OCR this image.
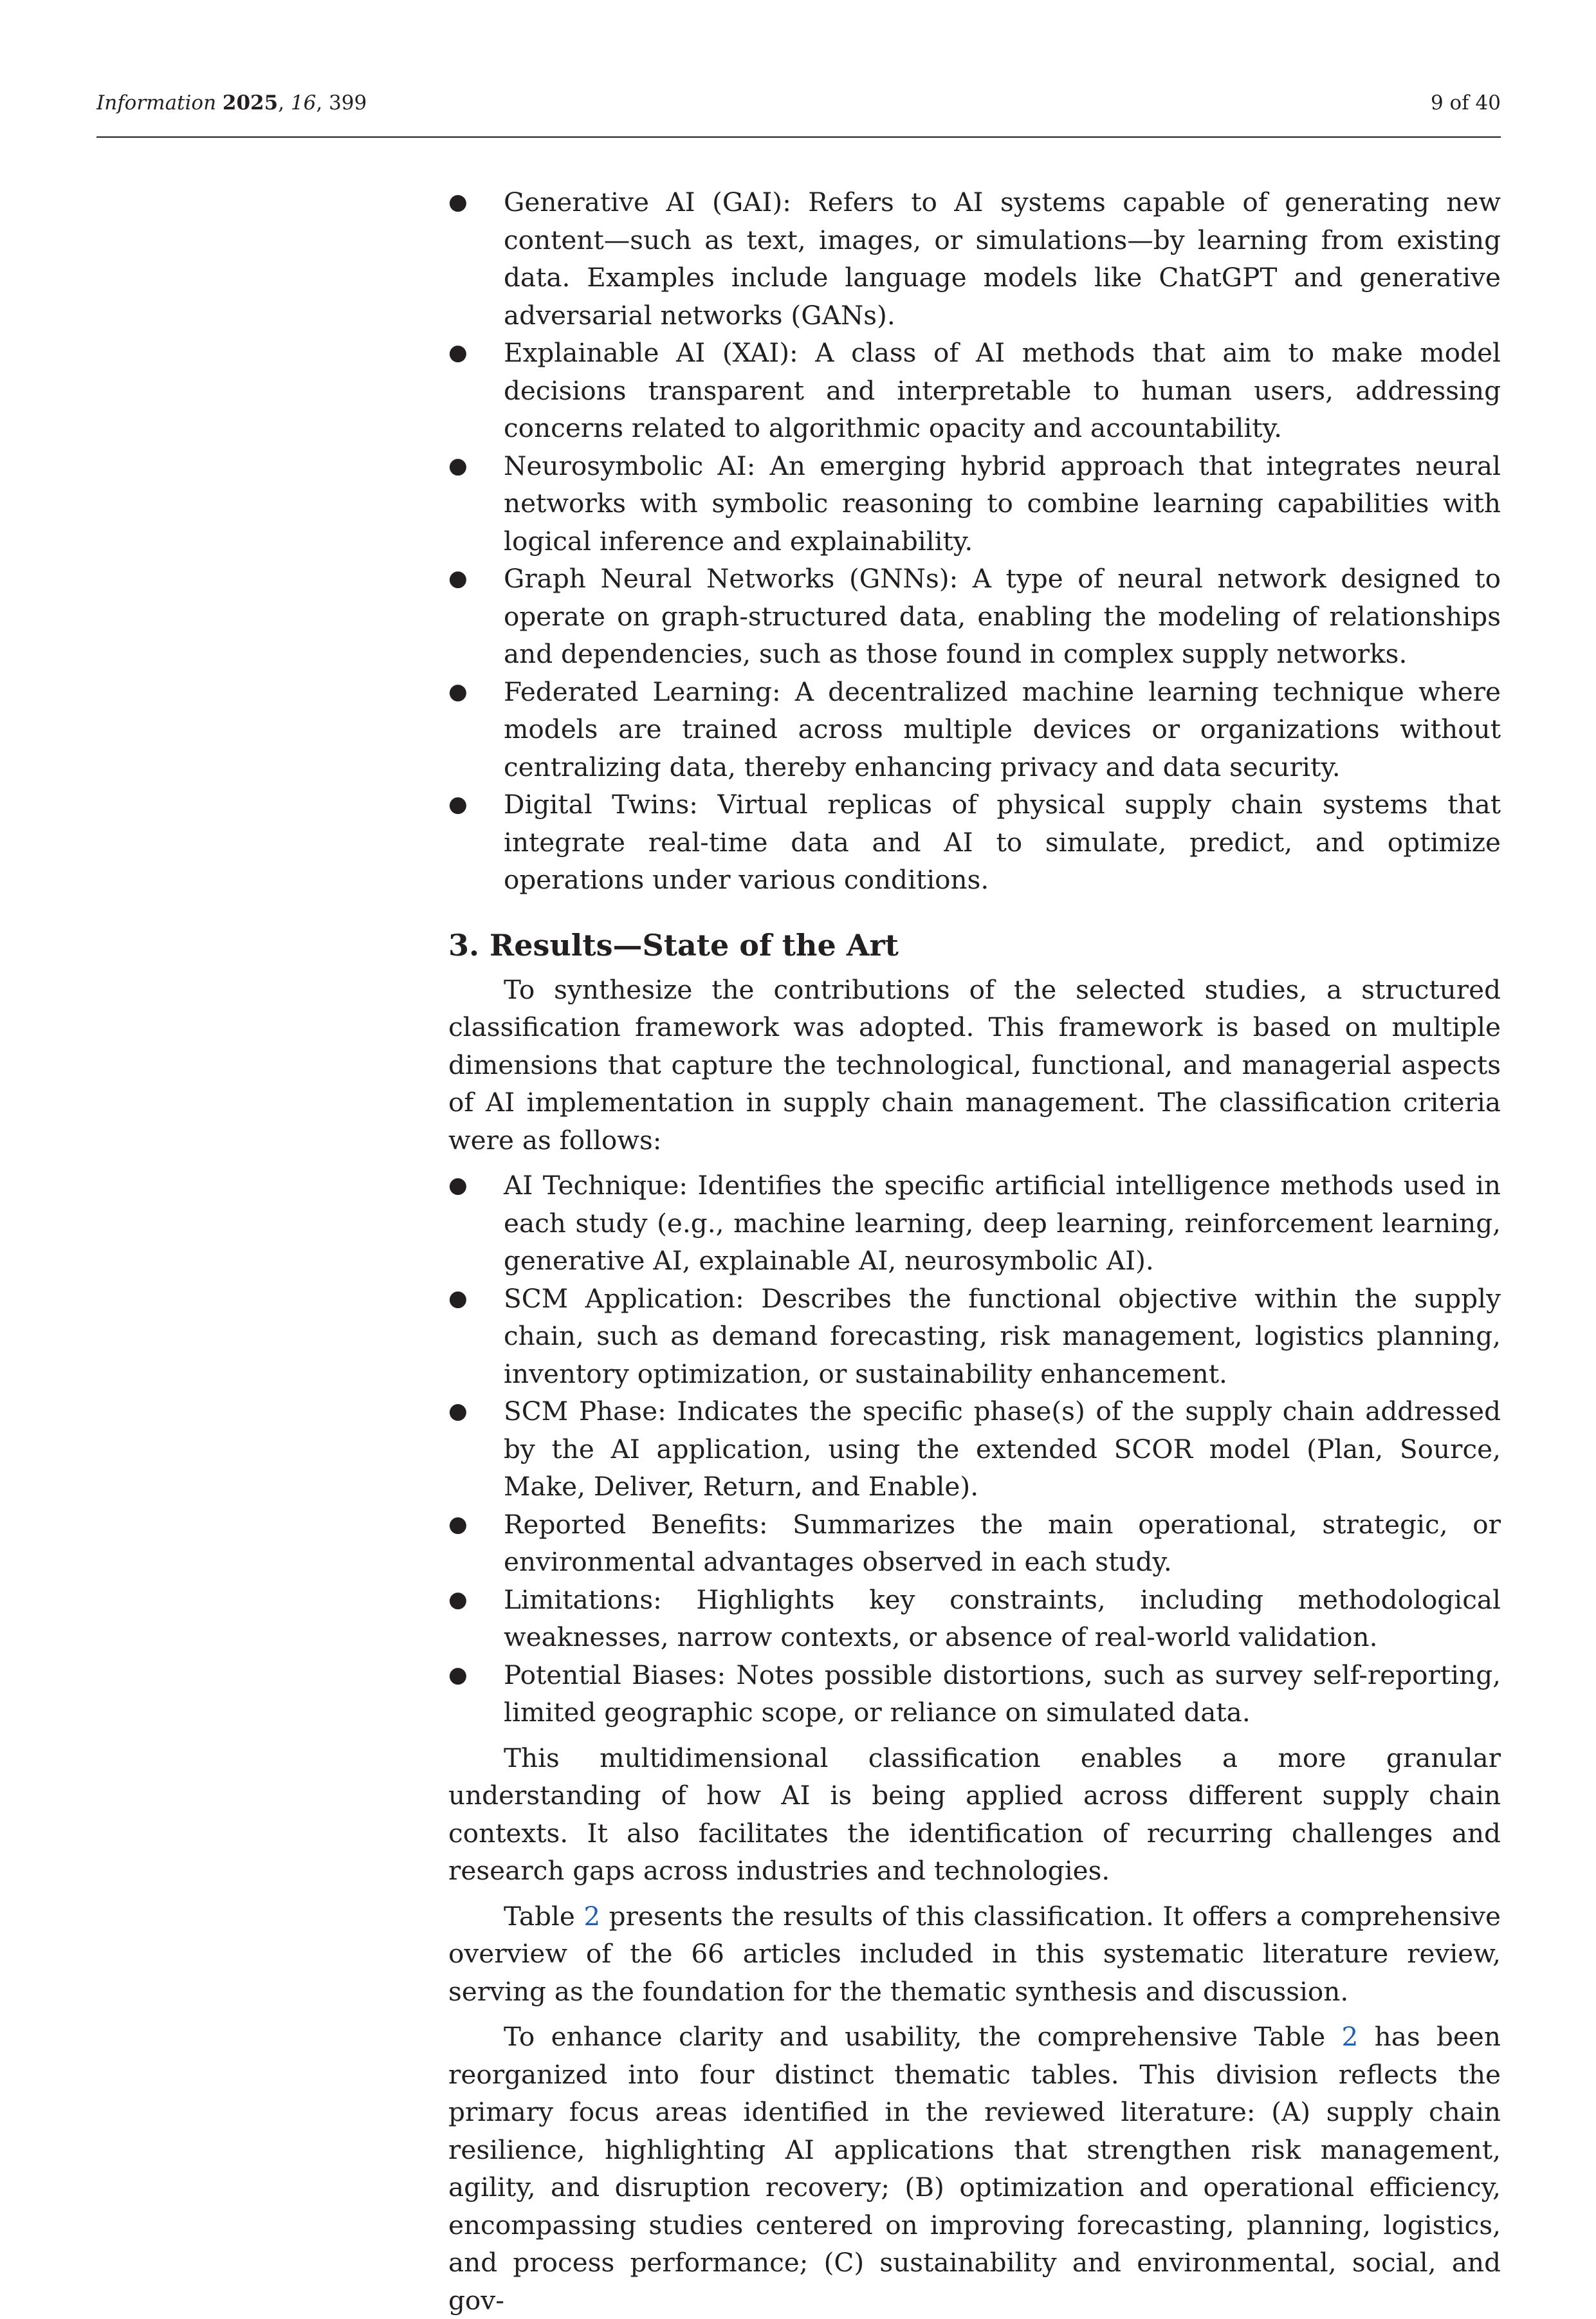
Information 2025, 16, 399	9 of 40
● Generative AI (GAI): Refers to AI systems capable of generating new content—such as text, images, or simulations—by learning from existing data. Examples include language models like ChatGPT and generative adversarial networks (GANs).
● Explainable AI (XAI): A class of AI methods that aim to make model decisions transparent and interpretable to human users, addressing concerns related to algorithmic opacity and accountability.
● Neurosymbolic AI: An emerging hybrid approach that integrates neural networks with symbolic reasoning to combine learning capabilities with logical inference and explainability.
● Graph Neural Networks (GNNs): A type of neural network designed to operate on graph-structured data, enabling the modeling of relationships and dependencies, such as those found in complex supply networks.
● Federated Learning: A decentralized machine learning technique where models are trained across multiple devices or organizations without centralizing data, thereby enhancing privacy and data security.
● Digital Twins: Virtual replicas of physical supply chain systems that integrate real-time data and AI to simulate, predict, and optimize operations under various conditions.
3. Results—State of the Art

To synthesize the contributions of the selected studies, a structured classification framework was adopted. This framework is based on multiple dimensions that capture the technological, functional, and managerial aspects of AI implementation in supply chain management. The classification criteria were as follows:

● AI Technique: Identifies the specific artificial intelligence methods used in each study (e.g., machine learning, deep learning, reinforcement learning, generative AI, explainable AI, neurosymbolic AI).
● SCM Application: Describes the functional objective within the supply chain, such as demand forecasting, risk management, logistics planning, inventory optimization, or sustainability enhancement.
● SCM Phase: Indicates the specific phase(s) of the supply chain addressed by the AI application, using the extended SCOR model (Plan, Source, Make, Deliver, Return, and Enable).
● Reported Benefits: Summarizes the main operational, strategic, or environmental advantages observed in each study.
● Limitations: Highlights key constraints, including methodological weaknesses, narrow contexts, or absence of real-world validation.
● Potential Biases: Notes possible distortions, such as survey self-reporting, limited geographic scope, or reliance on simulated data.

This multidimensional classification enables a more granular understanding of how AI is being applied across different supply chain contexts. It also facilitates the identification of recurring challenges and research gaps across industries and technologies.

Table 2 presents the results of this classification. It offers a comprehensive overview of the 66 articles included in this systematic literature review, serving as the foundation for the thematic synthesis and discussion.

To enhance clarity and usability, the comprehensive Table 2 has been reorganized into four distinct thematic tables. This division reflects the primary focus areas identified in the reviewed literature: (A) supply chain resilience, highlighting AI applications that strengthen risk management, agility, and disruption recovery; (B) optimization and operational efficiency, encompassing studies centered on improving forecasting, planning, logistics, and process performance; (C) sustainability and environmental, social, and gov-
